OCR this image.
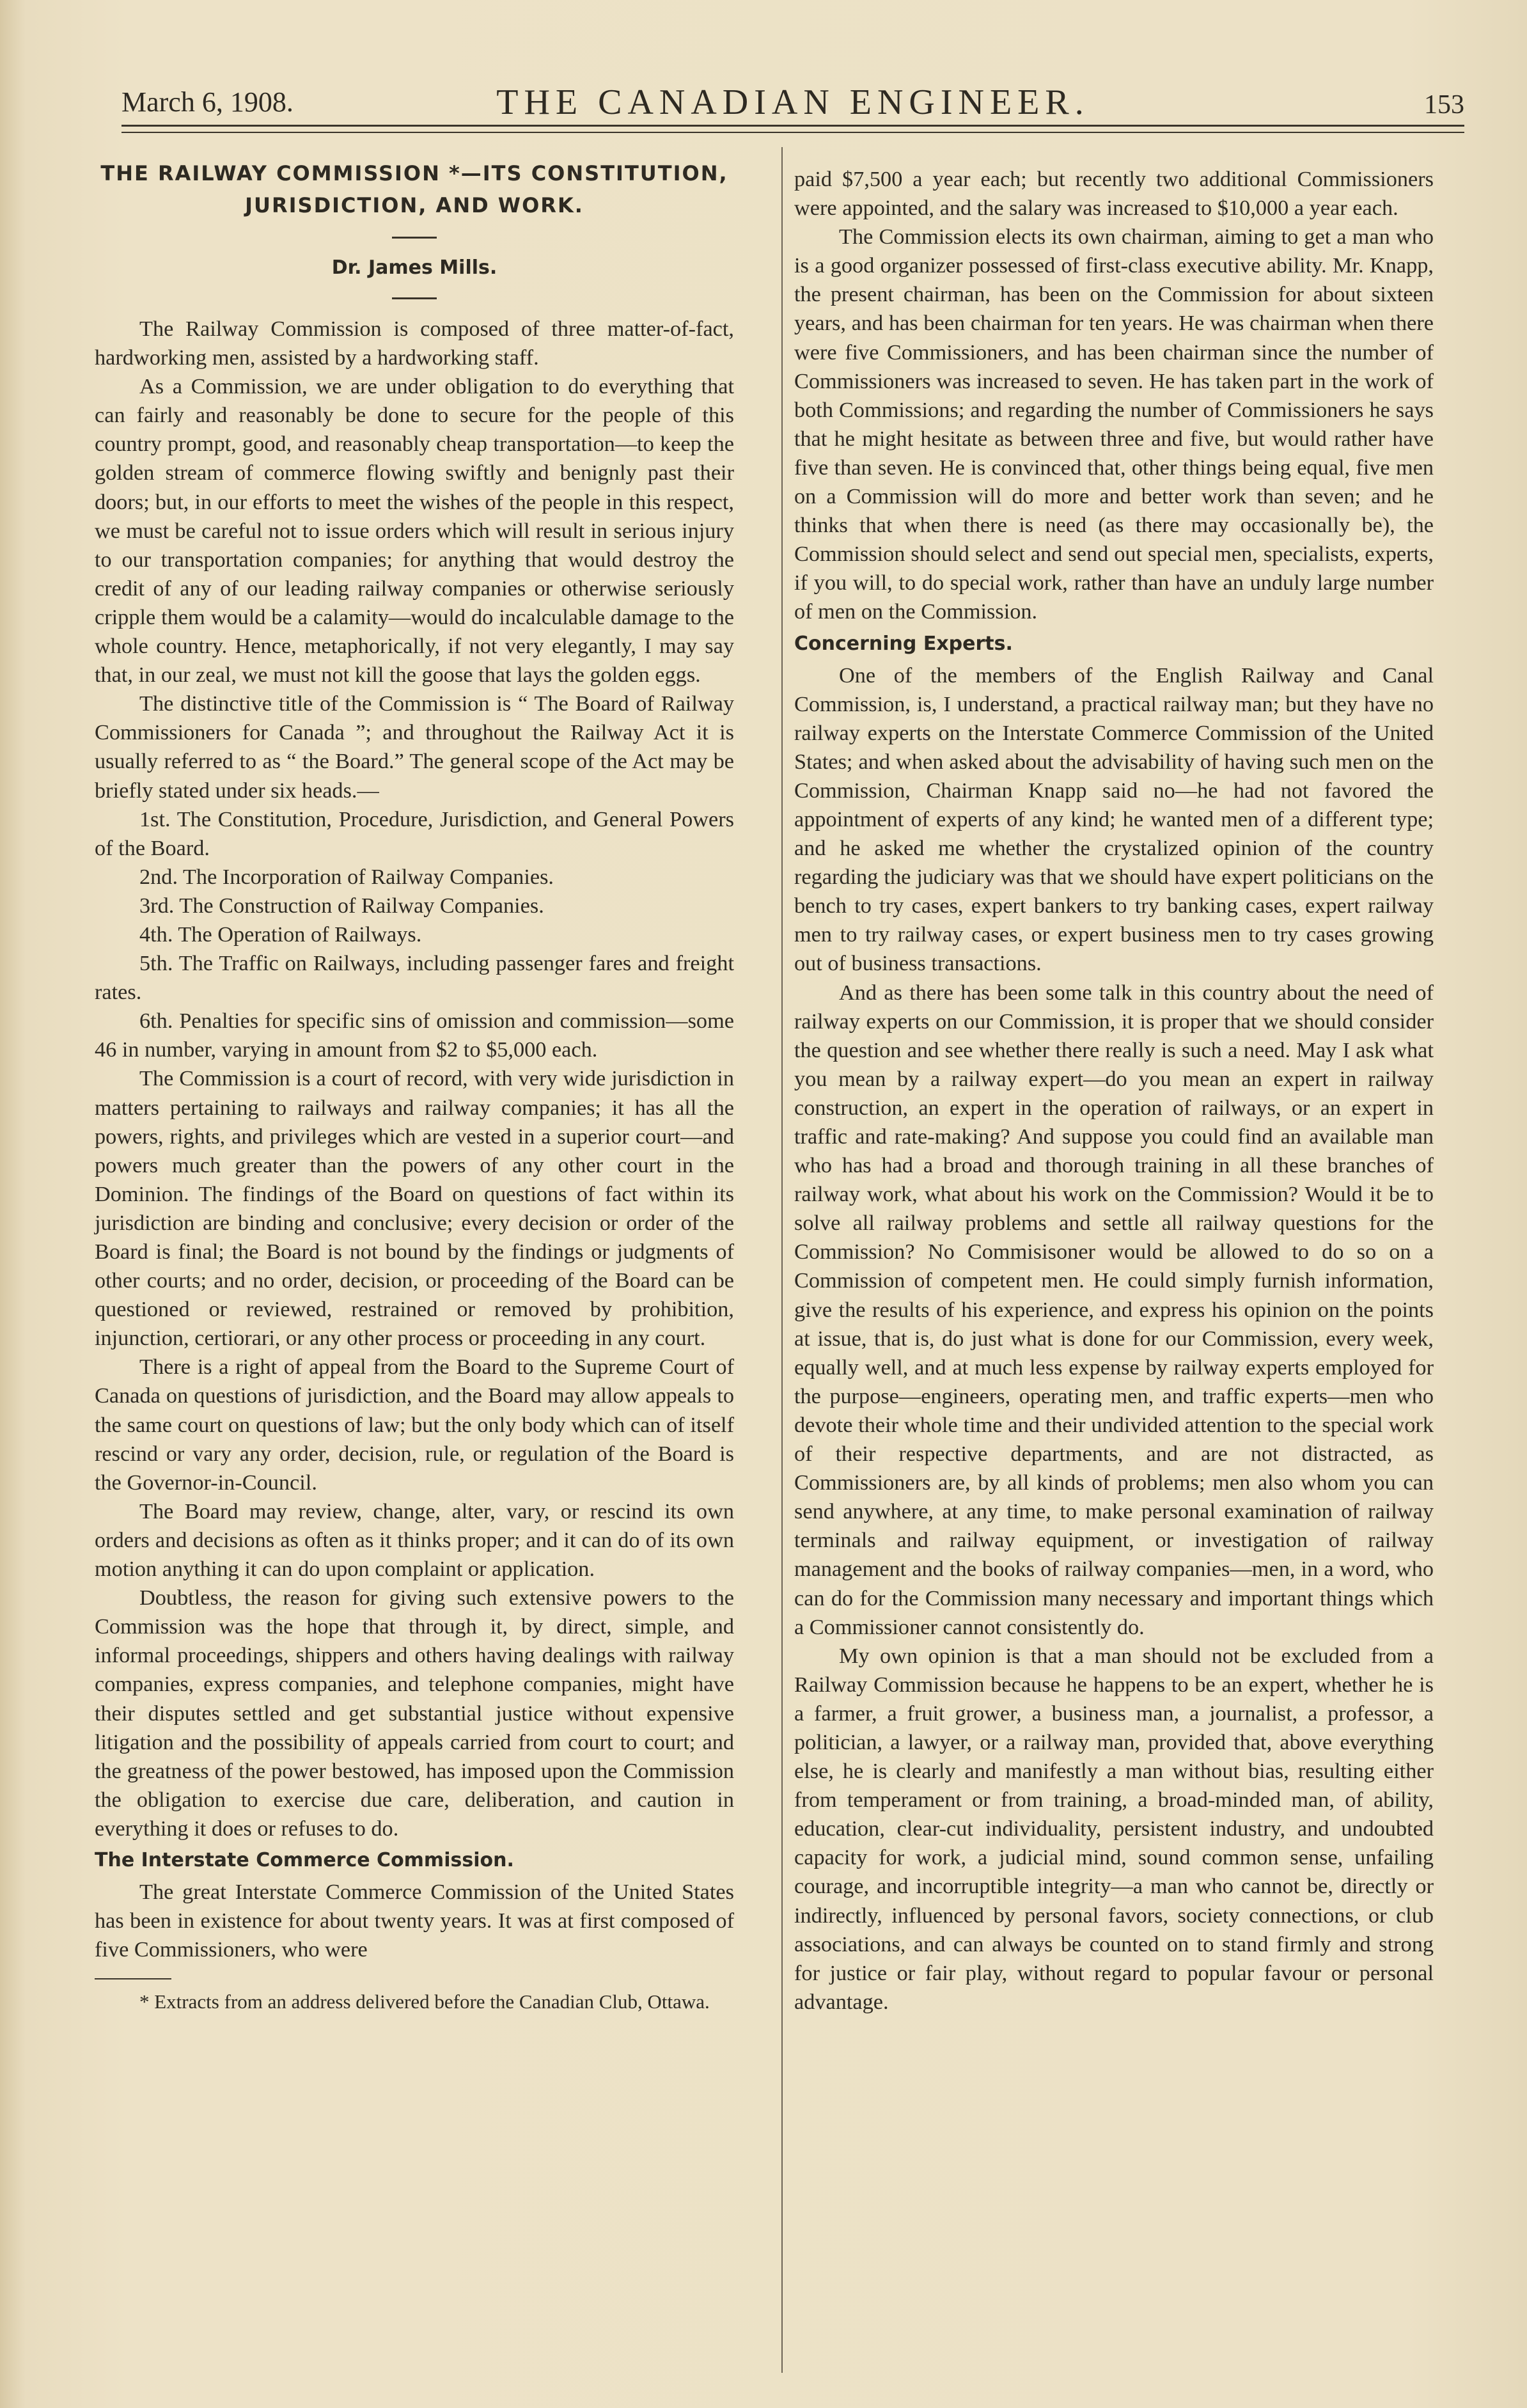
March 6, 1908.	THE CANADIAN ENGINEER.	153
THE RAILWAY COMMISSION *—ITS CONSTITUTION,
JURISDICTION, AND WORK.
Dr. James Mills.

The Railway Commission is composed of three matter-of-fact, hardworking men, assisted by a hardworking staff.

As a Commission, we are under obligation to do everything that can fairly and reasonably be done to secure for the people of this country prompt, good, and reasonably cheap transportation—to keep the golden stream of commerce flowing swiftly and benignly past their doors; but, in our efforts to meet the wishes of the people in this respect, we must be careful not to issue orders which will result in serious injury to our transportation companies; for anything that would destroy the credit of any of our leading railway companies or otherwise seriously cripple them would be a calamity—would do incalculable damage to the whole country. Hence, metaphorically, if not very elegantly, I may say that, in our zeal, we must not kill the goose that lays the golden eggs.

The distinctive title of the Commission is “ The Board of Railway Commissioners for Canada ”; and throughout the Railway Act it is usually referred to as “ the Board.” The general scope of the Act may be briefly stated under six heads.—

1st. The Constitution, Procedure, Jurisdiction, and General Powers of the Board.

2nd. The Incorporation of Railway Companies.

3rd. The Construction of Railway Companies.

4th. The Operation of Railways.

5th. The Traffic on Railways, including passenger fares and freight rates.

6th. Penalties for specific sins of omission and commission—some 46 in number, varying in amount from $2 to $5,000 each.

The Commission is a court of record, with very wide jurisdiction in matters pertaining to railways and railway companies; it has all the powers, rights, and privileges which are vested in a superior court—and powers much greater than the powers of any other court in the Dominion. The findings of the Board on questions of fact within its jurisdiction are binding and conclusive; every decision or order of the Board is final; the Board is not bound by the findings or judgments of other courts; and no order, decision, or proceeding of the Board can be questioned or reviewed, restrained or removed by prohibition, injunction, certiorari, or any other process or proceeding in any court.

There is a right of appeal from the Board to the Supreme Court of Canada on questions of jurisdiction, and the Board may allow appeals to the same court on questions of law; but the only body which can of itself rescind or vary any order, decision, rule, or regulation of the Board is the Governor-in-Council.

The Board may review, change, alter, vary, or rescind its own orders and decisions as often as it thinks proper; and it can do of its own motion anything it can do upon complaint or application.

Doubtless, the reason for giving such extensive powers to the Commission was the hope that through it, by direct, simple, and informal proceedings, shippers and others having dealings with railway companies, express companies, and telephone companies, might have their disputes settled and get substantial justice without expensive litigation and the possibility of appeals carried from court to court; and the greatness of the power bestowed, has imposed upon the Commission the obligation to exercise due care, deliberation, and caution in everything it does or refuses to do.

The Interstate Commerce Commission.

The great Interstate Commerce Commission of the United States has been in existence for about twenty years. It was at first composed of five Commissioners, who were

* Extracts from an address delivered before the Canadian Club, Ottawa.

paid $7,500 a year each; but recently two additional Commissioners were appointed, and the salary was increased to $10,000 a year each.

The Commission elects its own chairman, aiming to get a man who is a good organizer possessed of first-class executive ability. Mr. Knapp, the present chairman, has been on the Commission for about sixteen years, and has been chairman for ten years. He was chairman when there were five Commissioners, and has been chairman since the number of Commissioners was increased to seven. He has taken part in the work of both Commissions; and regarding the number of Commissioners he says that he might hesitate as between three and five, but would rather have five than seven. He is convinced that, other things being equal, five men on a Commission will do more and better work than seven; and he thinks that when there is need (as there may occasionally be), the Commission should select and send out special men, specialists, experts, if you will, to do special work, rather than have an unduly large number of men on the Commission.

Concerning Experts.

One of the members of the English Railway and Canal Commission, is, I understand, a practical railway man; but they have no railway experts on the Interstate Commerce Commission of the United States; and when asked about the advisability of having such men on the Commission, Chairman Knapp said no—he had not favored the appointment of experts of any kind; he wanted men of a different type; and he asked me whether the crystalized opinion of the country regarding the judiciary was that we should have expert politicians on the bench to try cases, expert bankers to try banking cases, expert railway men to try railway cases, or expert business men to try cases growing out of business transactions.

And as there has been some talk in this country about the need of railway experts on our Commission, it is proper that we should consider the question and see whether there really is such a need. May I ask what you mean by a railway expert—do you mean an expert in railway construction, an expert in the operation of railways, or an expert in traffic and rate-making? And suppose you could find an available man who has had a broad and thorough training in all these branches of railway work, what about his work on the Commission? Would it be to solve all railway problems and settle all railway questions for the Commission? No Commisisoner would be allowed to do so on a Commission of competent men. He could simply furnish information, give the results of his experience, and express his opinion on the points at issue, that is, do just what is done for our Commission, every week, equally well, and at much less expense by railway experts employed for the purpose—engineers, operating men, and traffic experts—men who devote their whole time and their undivided attention to the special work of their respective departments, and are not distracted, as Commissioners are, by all kinds of problems; men also whom you can send anywhere, at any time, to make personal examination of railway terminals and railway equipment, or investigation of railway management and the books of railway companies—men, in a word, who can do for the Commission many necessary and important things which a Commissioner cannot consistently do.

My own opinion is that a man should not be excluded from a Railway Commission because he happens to be an expert, whether he is a farmer, a fruit grower, a business man, a journalist, a professor, a politician, a lawyer, or a railway man, provided that, above everything else, he is clearly and manifestly a man without bias, resulting either from temperament or from training, a broad-minded man, of ability, education, clear-cut individuality, persistent industry, and undoubted capacity for work, a judicial mind, sound common sense, unfailing courage, and incorruptible integrity—a man who cannot be, directly or indirectly, influenced by personal favors, society connections, or club associations, and can always be counted on to stand firmly and strong for justice or fair play, without regard to popular favour or personal advantage.
